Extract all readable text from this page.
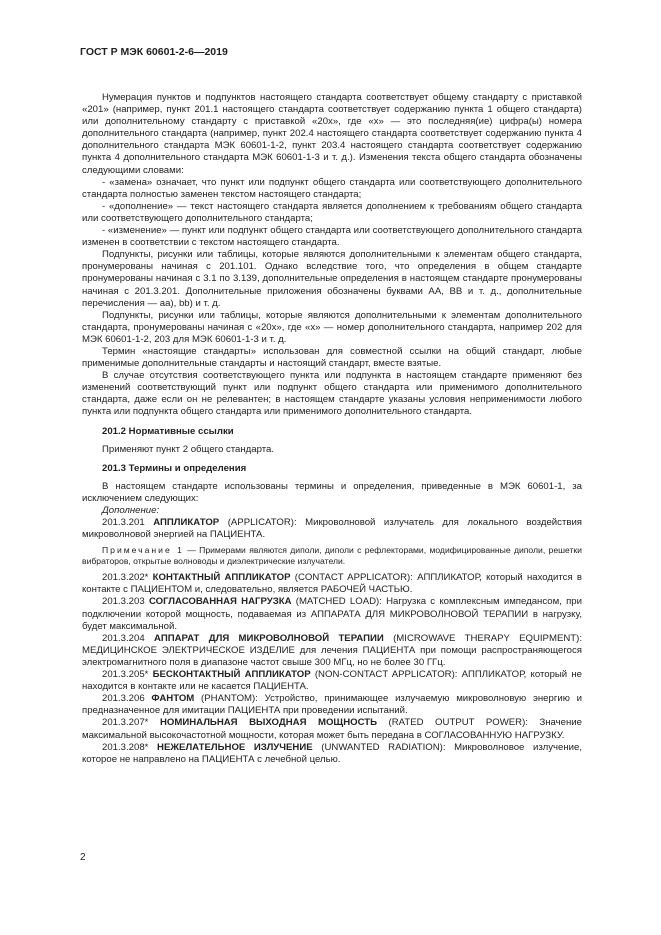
ГОСТ Р МЭК 60601-2-6—2019

Нумерация пунктов и подпунктов настоящего стандарта соответствует общему стандарту с приставкой «201» (например, пункт 201.1 настоящего стандарта соответствует содержанию пункта 1 общего стандарта) или дополнительному стандарту с приставкой «20х», где «х» — это последняя(ие) цифра(ы) номера дополнительного стандарта (например, пункт 202.4 настоящего стандарта соответствует содержанию пункта 4 дополнительного стандарта МЭК 60601-1-2, пункт 203.4 настоящего стандарта соответствует содержанию пункта 4 дополнительного стандарта МЭК 60601-1-3 и т. д.). Изменения текста общего стандарта обозначены следующими словами:

- «замена» означает, что пункт или подпункт общего стандарта или соответствующего дополнительного стандарта полностью заменен текстом настоящего стандарта;

- «дополнение» — текст настоящего стандарта является дополнением к требованиям общего стандарта или соответствующего дополнительного стандарта;

- «изменение» — пункт или подпункт общего стандарта или соответствующего дополнительного стандарта изменен в соответствии с текстом настоящего стандарта.

Подпункты, рисунки или таблицы, которые являются дополнительными к элементам общего стандарта, пронумерованы начиная с 201.101. Однако вследствие того, что определения в общем стандарте пронумерованы начиная с 3.1 по 3.139, дополнительные определения в настоящем стандарте пронумерованы начиная с 201.3.201. Дополнительные приложения обозначены буквами АА, ВВ и т. д., дополнительные перечисления — аа), bb) и т. д.

Подпункты, рисунки или таблицы, которые являются дополнительными к элементам дополнительного стандарта, пронумерованы начиная с «20х», где «х» — номер дополнительного стандарта, например 202 для МЭК 60601-1-2, 203 для МЭК 60601-1-3 и т. д.

Термин «настоящие стандарты» использован для совместной ссылки на общий стандарт, любые применимые дополнительные стандарты и настоящий стандарт, вместе взятые.

В случае отсутствия соответствующего пункта или подпункта в настоящем стандарте применяют без изменений соответствующий пункт или подпункт общего стандарта или применимого дополнительного стандарта, даже если он не релевантен; в настоящем стандарте указаны условия неприменимости любого пункта или подпункта общего стандарта или применимого дополнительного стандарта.

201.2 Нормативные ссылки

Применяют пункт 2 общего стандарта.

201.3 Термины и определения

В настоящем стандарте использованы термины и определения, приведенные в МЭК 60601-1, за исключением следующих:

Дополнение:

201.3.201 АППЛИКАТОР (APPLICATOR): Микроволновой излучатель для локального воздействия микроволновой энергией на ПАЦИЕНТА.

Примечание 1 — Примерами являются диполи, диполи с рефлекторами, модифицированные диполи, решетки вибраторов, открытые волноводы и диэлектрические излучатели.

201.3.202* КОНТАКТНЫЙ АППЛИКАТОР (CONTACT APPLICATOR): АППЛИКАТОР, который находится в контакте с ПАЦИЕНТОМ и, следовательно, является РАБОЧЕЙ ЧАСТЬЮ.

201.3.203 СОГЛАСОВАННАЯ НАГРУЗКА (MATCHED LOAD): Нагрузка с комплексным импедансом, при подключении которой мощность, подаваемая из АППАРАТА ДЛЯ МИКРОВОЛНОВОЙ ТЕРАПИИ в нагрузку, будет максимальной.

201.3.204 АППАРАТ ДЛЯ МИКРОВОЛНОВОЙ ТЕРАПИИ (MICROWAVE THERAPY EQUIPMENT): МЕДИЦИНСКОЕ ЭЛЕКТРИЧЕСКОЕ ИЗДЕЛИЕ для лечения ПАЦИЕНТА при помощи распространяющегося электромагнитного поля в диапазоне частот свыше 300 МГц, но не более 30 ГГц.

201.3.205* БЕСКОНТАКТНЫЙ АППЛИКАТОР (NON-CONTACT APPLICATOR): АППЛИКАТОР, который не находится в контакте или не касается ПАЦИЕНТА.

201.3.206 ФАНТОМ (PHANTOM): Устройство, принимающее излучаемую микроволновую энергию и предназначенное для имитации ПАЦИЕНТА при проведении испытаний.

201.3.207* НОМИНАЛЬНАЯ ВЫХОДНАЯ МОЩНОСТЬ (RATED OUTPUT POWER): Значение максимальной высокочастотной мощности, которая может быть передана в СОГЛАСОВАННУЮ НАГРУЗКУ.

201.3.208* НЕЖЕЛАТЕЛЬНОЕ ИЗЛУЧЕНИЕ (UNWANTED RADIATION): Микроволновое излучение, которое не направлено на ПАЦИЕНТА с лечебной целью.

2
